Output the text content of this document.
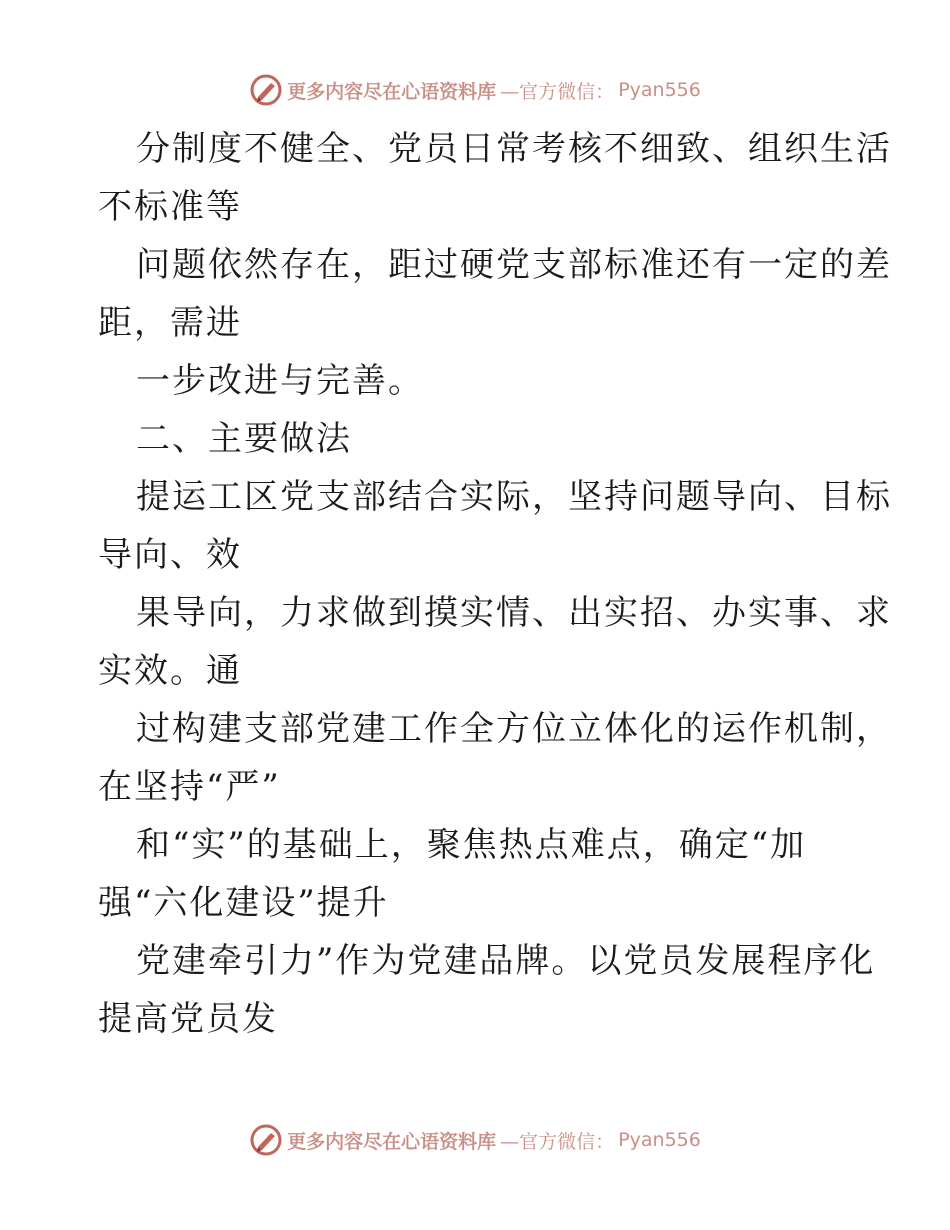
更多内容尽在心语资料库 —官方微信： Pyan556
分制度不健全、党员日常考核不细致、组织生活
不标准等
问题依然存在，距过硬党支部标准还有一定的差
距，需进
一步改进与完善。
二、主要做法
提运工区党支部结合实际，坚持问题导向、目标
导向、效
果导向，力求做到摸实情、出实招、办实事、求
实效。通
过构建支部党建工作全方位立体化的运作机制，
在坚持“严”
和“实”的基础上，聚焦热点难点，确定“加
强“六化建设”提升
党建牵引力”作为党建品牌。以党员发展程序化
提高党员发
更多内容尽在心语资料库 —官方微信： Pyan556
